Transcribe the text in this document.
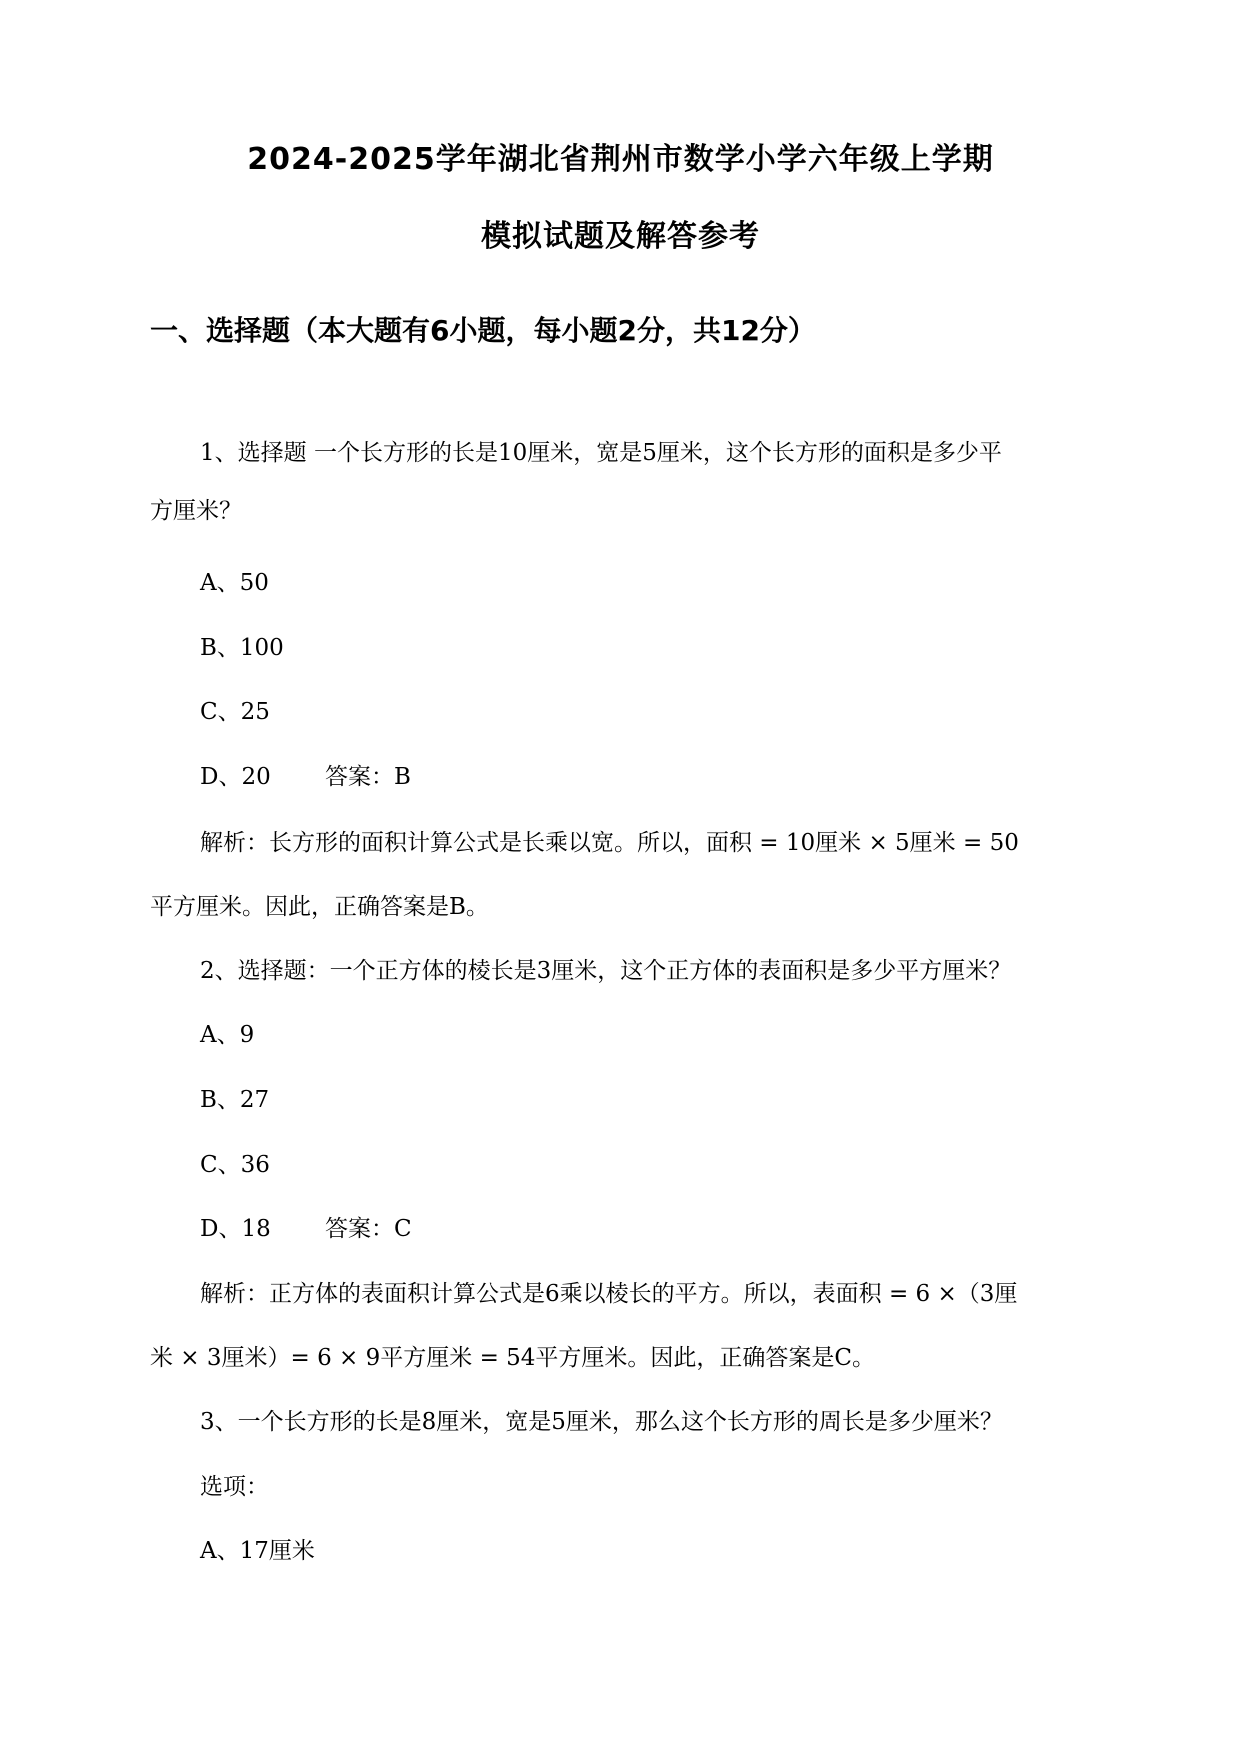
2024-2025学年湖北省荆州市数学小学六年级上学期
模拟试题及解答参考
一、选择题（本大题有6小题，每小题2分，共12分）
1、选择题 一个长方形的长是10厘米，宽是5厘米，这个长方形的面积是多少平
方厘米？
A、50
B、100
C、25
D、20 答案：B
解析：长方形的面积计算公式是长乘以宽。所以，面积 = 10厘米 × 5厘米 = 50
平方厘米。因此，正确答案是B。
2、选择题：一个正方体的棱长是3厘米，这个正方体的表面积是多少平方厘米？
A、9
B、27
C、36
D、18 答案：C
解析：正方体的表面积计算公式是6乘以棱长的平方。所以，表面积 = 6 ×（3厘
米 × 3厘米）= 6 × 9平方厘米 = 54平方厘米。因此，正确答案是C。
3、一个长方形的长是8厘米，宽是5厘米，那么这个长方形的周长是多少厘米？
选项：
A、17厘米
